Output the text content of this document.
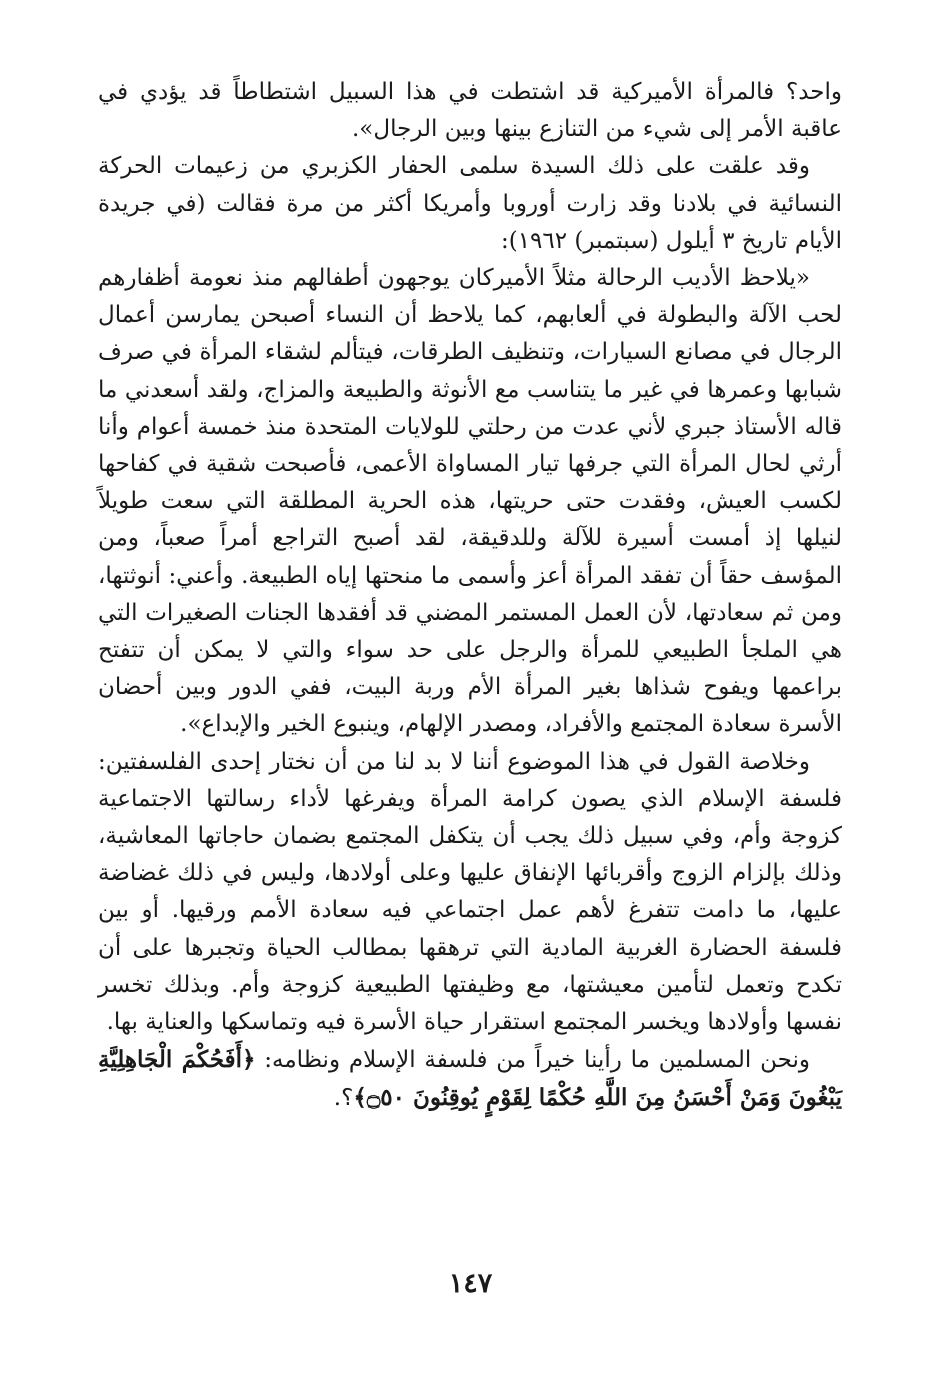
واحد؟ فالمرأة الأميركية قد اشتطت في هذا السبيل اشتطاطاً قد يؤدي في عاقبة الأمر إلى شيء من التنازع بينها وبين الرجال».

وقد علقت على ذلك السيدة سلمى الحفار الكزبري من زعيمات الحركة النسائية في بلادنا وقد زارت أوروبا وأمريكا أكثر من مرة فقالت (في جريدة الأيام تاريخ ٣ أيلول (سبتمبر) ١٩٦٢):

«يلاحظ الأديب الرحالة مثلاً الأميركان يوجهون أطفالهم منذ نعومة أظفارهم لحب الآلة والبطولة في ألعابهم، كما يلاحظ أن النساء أصبحن يمارسن أعمال الرجال في مصانع السيارات، وتنظيف الطرقات، فيتألم لشقاء المرأة في صرف شبابها وعمرها في غير ما يتناسب مع الأنوثة والطبيعة والمزاج، ولقد أسعدني ما قاله الأستاذ جبري لأني عدت من رحلتي للولايات المتحدة منذ خمسة أعوام وأنا أرثي لحال المرأة التي جرفها تيار المساواة الأعمى، فأصبحت شقية في كفاحها لكسب العيش، وفقدت حتى حريتها، هذه الحرية المطلقة التي سعت طويلاً لنيلها إذ أمست أسيرة للآلة وللدقيقة، لقد أصبح التراجع أمراً صعباً، ومن المؤسف حقاً أن تفقد المرأة أعز وأسمى ما منحتها إياه الطبيعة. وأعني: أنوثتها، ومن ثم سعادتها، لأن العمل المستمر المضني قد أفقدها الجنات الصغيرات التي هي الملجأ الطبيعي للمرأة والرجل على حد سواء والتي لا يمكن أن تتفتح براعمها ويفوح شذاها بغير المرأة الأم وربة البيت، ففي الدور وبين أحضان الأسرة سعادة المجتمع والأفراد، ومصدر الإلهام، وينبوع الخير والإبداع».

وخلاصة القول في هذا الموضوع أننا لا بد لنا من أن نختار إحدى الفلسفتين: فلسفة الإسلام الذي يصون كرامة المرأة ويفرغها لأداء رسالتها الاجتماعية كزوجة وأم، وفي سبيل ذلك يجب أن يتكفل المجتمع بضمان حاجاتها المعاشية، وذلك بإلزام الزوج وأقربائها الإنفاق عليها وعلى أولادها، وليس في ذلك غضاضة عليها، ما دامت تتفرغ لأهم عمل اجتماعي فيه سعادة الأمم ورقيها. أو بين فلسفة الحضارة الغربية المادية التي ترهقها بمطالب الحياة وتجبرها على أن تكدح وتعمل لتأمين معيشتها، مع وظيفتها الطبيعية كزوجة وأم. وبذلك تخسر نفسها وأولادها ويخسر المجتمع استقرار حياة الأسرة فيه وتماسكها والعناية بها.

ونحن المسلمين ما رأينا خيراً من فلسفة الإسلام ونظامه: ﴿أَفَحُكْمَ الْجَاهِلِيَّةِ يَبْغُونَ وَمَنْ أَحْسَنُ مِنَ اللَّهِ حُكْمًا لِقَوْمٍ يُوقِنُونَ ۝٥٠﴾؟.

١٤٧
